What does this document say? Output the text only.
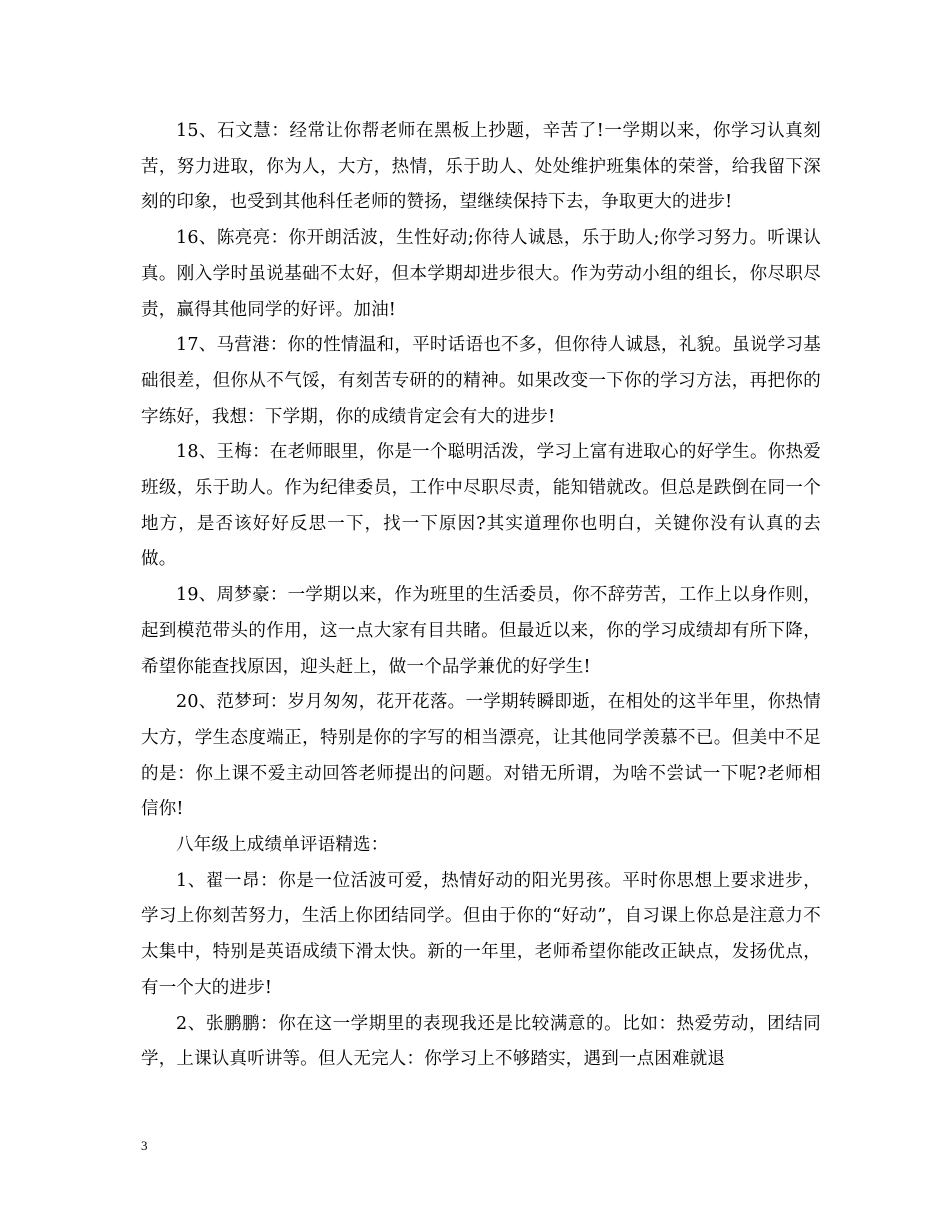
15、石文慧：经常让你帮老师在黑板上抄题，辛苦了!一学期以来，你学习认真刻苦，努力进取，你为人，大方，热情，乐于助人、处处维护班集体的荣誉，给我留下深刻的印象，也受到其他科任老师的赞扬，望继续保持下去，争取更大的进步!

16、陈亮亮：你开朗活波，生性好动;你待人诚恳，乐于助人;你学习努力。听课认真。刚入学时虽说基础不太好，但本学期却进步很大。作为劳动小组的组长，你尽职尽责，赢得其他同学的好评。加油!

17、马营港：你的性情温和，平时话语也不多，但你待人诚恳，礼貌。虽说学习基础很差，但你从不气馁，有刻苦专研的的精神。如果改变一下你的学习方法，再把你的字练好，我想：下学期，你的成绩肯定会有大的进步!

18、王梅：在老师眼里，你是一个聪明活泼，学习上富有进取心的好学生。你热爱班级，乐于助人。作为纪律委员，工作中尽职尽责，能知错就改。但总是跌倒在同一个地方，是否该好好反思一下，找一下原因?其实道理你也明白，关键你没有认真的去做。

19、周梦豪：一学期以来，作为班里的生活委员，你不辞劳苦，工作上以身作则，起到模范带头的作用，这一点大家有目共睹。但最近以来，你的学习成绩却有所下降，希望你能查找原因，迎头赶上，做一个品学兼优的好学生!

20、范梦珂：岁月匆匆，花开花落。一学期转瞬即逝，在相处的这半年里，你热情大方，学生态度端正，特别是你的字写的相当漂亮，让其他同学羡慕不已。但美中不足的是：你上课不爱主动回答老师提出的问题。对错无所谓，为啥不尝试一下呢?老师相信你!

八年级上成绩单评语精选：

1、翟一昂：你是一位活波可爱，热情好动的阳光男孩。平时你思想上要求进步，学习上你刻苦努力，生活上你团结同学。但由于你的“好动”，自习课上你总是注意力不太集中，特别是英语成绩下滑太快。新的一年里，老师希望你能改正缺点，发扬优点，有一个大的进步!

2、张鹏鹏：你在这一学期里的表现我还是比较满意的。比如：热爱劳动，团结同学，上课认真听讲等。但人无完人：你学习上不够踏实，遇到一点困难就退

3
